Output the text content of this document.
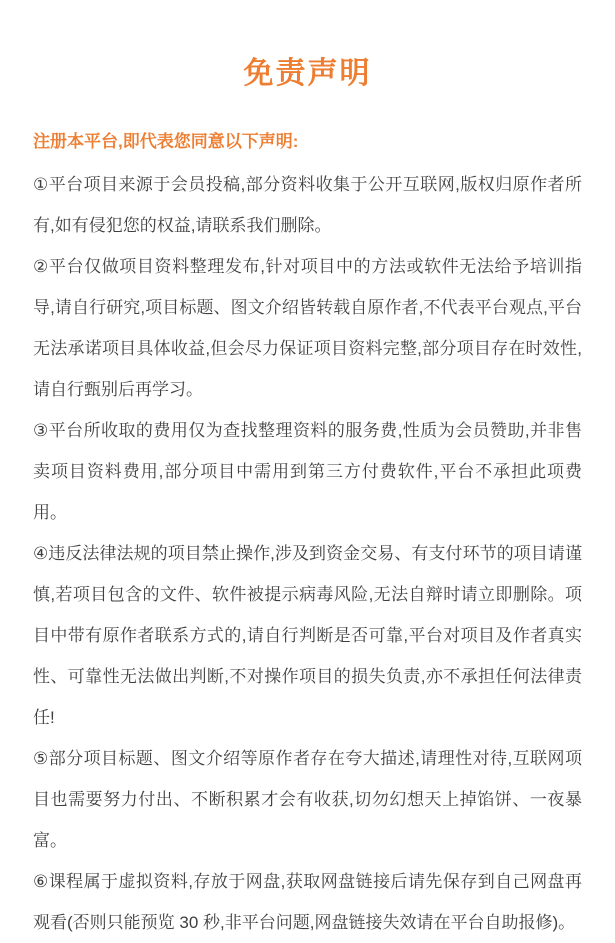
免责声明
注册本平台,即代表您同意以下声明:

①平台项目来源于会员投稿,部分资料收集于公开互联网,版权归原作者所有,如有侵犯您的权益,请联系我们删除。

②平台仅做项目资料整理发布,针对项目中的方法或软件无法给予培训指导,请自行研究,项目标题、图文介绍皆转载自原作者,不代表平台观点,平台无法承诺项目具体收益,但会尽力保证项目资料完整,部分项目存在时效性,请自行甄别后再学习。

③平台所收取的费用仅为查找整理资料的服务费,性质为会员赞助,并非售卖项目资料费用,部分项目中需用到第三方付费软件,平台不承担此项费用。

④违反法律法规的项目禁止操作,涉及到资金交易、有支付环节的项目请谨慎,若项目包含的文件、软件被提示病毒风险,无法自辩时请立即删除。项目中带有原作者联系方式的,请自行判断是否可靠,平台对项目及作者真实性、可靠性无法做出判断,不对操作项目的损失负责,亦不承担任何法律责任!

⑤部分项目标题、图文介绍等原作者存在夸大描述,请理性对待,互联网项目也需要努力付出、不断积累才会有收获,切勿幻想天上掉馅饼、一夜暴富。

⑥课程属于虚拟资料,存放于网盘,获取网盘链接后请先保存到自己网盘再观看(否则只能预览 30 秒,非平台问题,网盘链接失效请在平台自助报修)。
